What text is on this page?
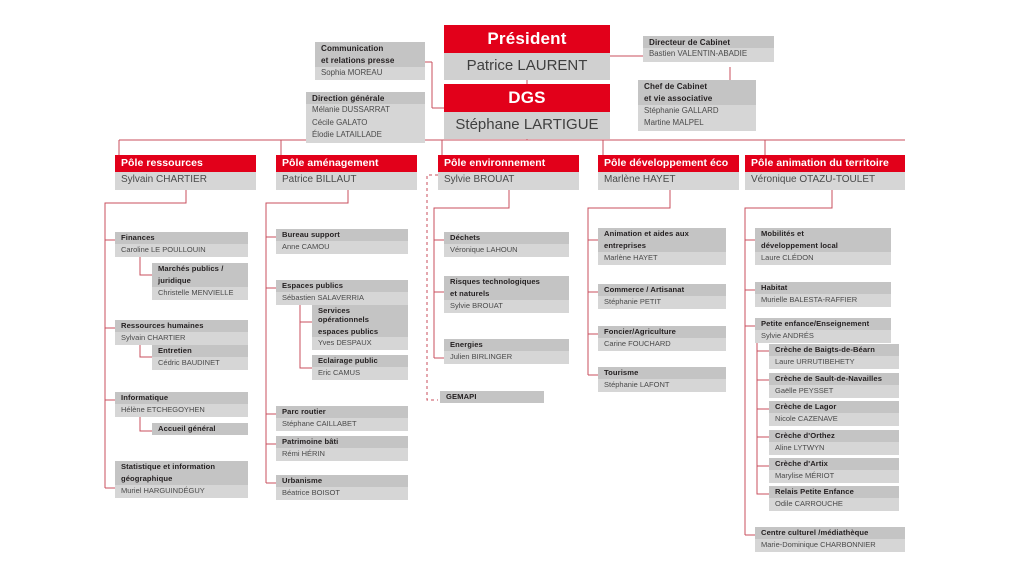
Président
Patrice LAURENT
DGS
Stéphane LARTIGUE
Communication
et relations presse
Sophia MOREAU
Direction générale
Mélanie DUSSARRAT
Cécile GALATO
Élodie LATAILLADE
Directeur de Cabinet
Bastien VALENTIN-ABADIE
Chef de Cabinet
et vie associative
Stéphanie GALLARD
Martine MALPEL
Pôle ressources
Sylvain CHARTIER
Pôle aménagement
Patrice BILLAUT
Pôle environnement
Sylvie BROUAT
Pôle développement éco
Marlène HAYET
Pôle animation du territoire
Véronique OTAZU-TOULET
Finances
Caroline LE POULLOUIN
Marchés publics /
juridique
Christelle MENVIELLE
Ressources humaines
Sylvain CHARTIER
Entretien
Cédric BAUDINET
Informatique
Hélène ETCHEGOYHEN
Accueil général
Statistique et information
géographique
Muriel HARGUINDÉGUY
Bureau support
Anne CAMOU
Espaces publics
Sébastien SALAVERRIA
Services opérationnels
espaces publics
Yves DESPAUX
Eclairage public
Eric CAMUS
Parc routier
Stéphane CAILLABET
Patrimoine bâti
Rémi HÉRIN
Urbanisme
Béatrice BOISOT
Déchets
Véronique LAHOUN
Risques technologiques
et naturels
Sylvie BROUAT
Energies
Julien BIRLINGER
GEMAPI
Animation et aides aux
entreprises
Marlène HAYET
Commerce / Artisanat
Stéphanie PETIT
Foncier/Agriculture
Carine FOUCHARD
Tourisme
Stéphanie LAFONT
Mobilités et
développement local
Laure CLÉDON
Habitat
Murielle BALESTA-RAFFIER
Petite enfance/Enseignement
Sylvie ANDRÉS
Crèche de Baigts-de-Béarn
Laure URRUTIBEHETY
Crèche de Sault-de-Navailles
Gaëlle PEYSSET
Crèche de Lagor
Nicole CAZENAVE
Crèche d'Orthez
Aline LYTWYN
Crèche d'Artix
Marylise MÉRIOT
Relais Petite Enfance
Odile CARROUCHE
Centre culturel /médiathèque
Marie-Dominique CHARBONNIER
